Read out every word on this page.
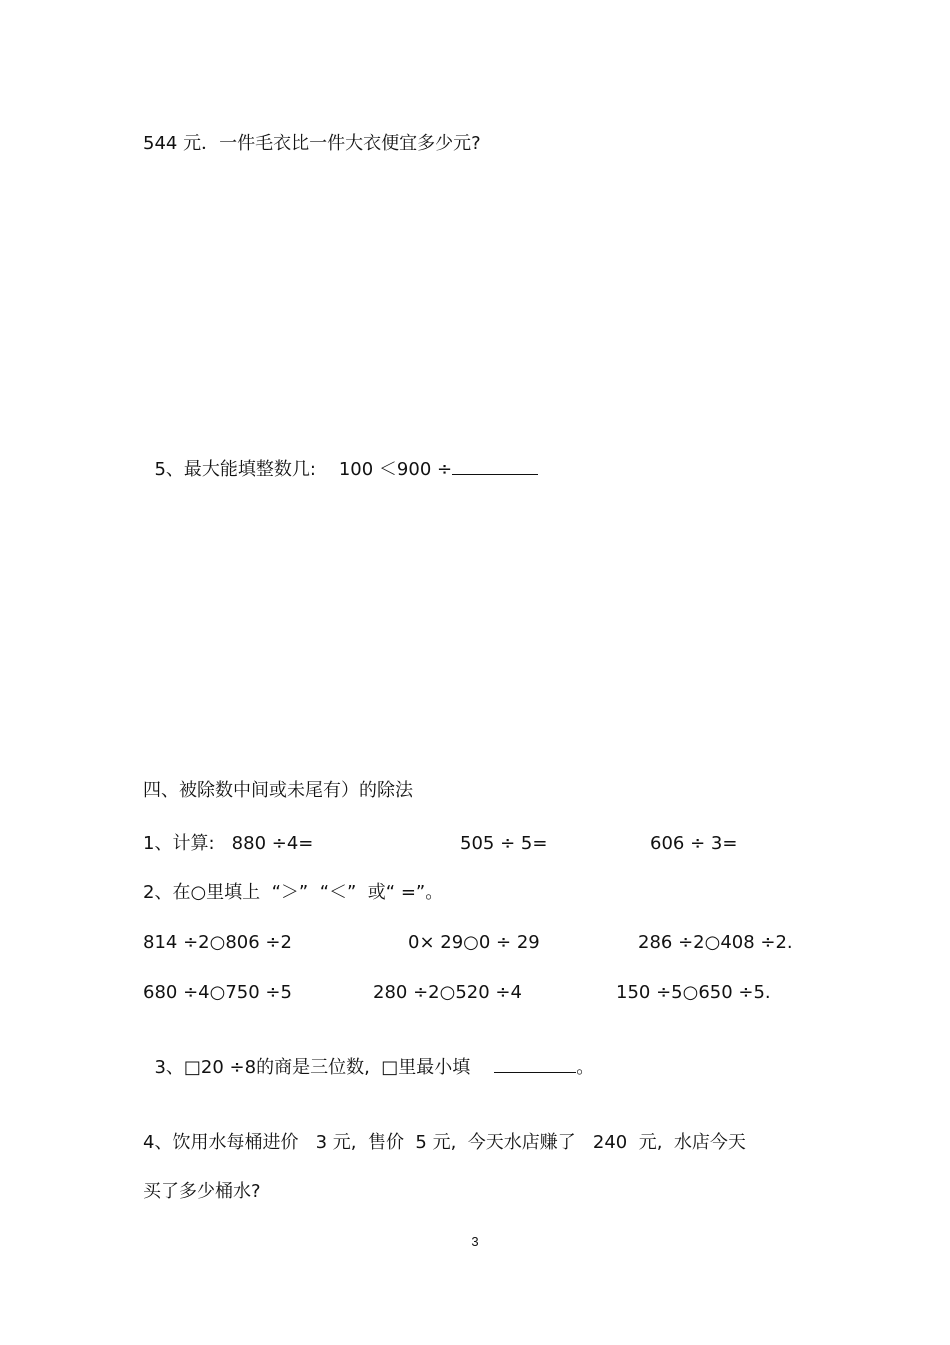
544 元．一件毛衣比一件大衣便宜多少元?

5、最大能填整数几:    100 ＜900 ÷

四、被除数中间或未尾有）的除法
1、计算:   880 ÷4=	505 ÷ 5=	606 ÷ 3=
2、在○里填上  “＞”  “＜”  或“ =”。
814 ÷2○806 ÷2	0× 29○0 ÷ 29	286 ÷2○408 ÷2.
680 ÷4○750 ÷5	280 ÷2○520 ÷4	150 ÷5○650 ÷5.

3、□20 ÷8的商是三位数,  □里最小填	。

4、饮用水每桶进价   3 元,  售价  5 元,  今天水店赚了   240  元,  水店今天
买了多少桶水?
3
